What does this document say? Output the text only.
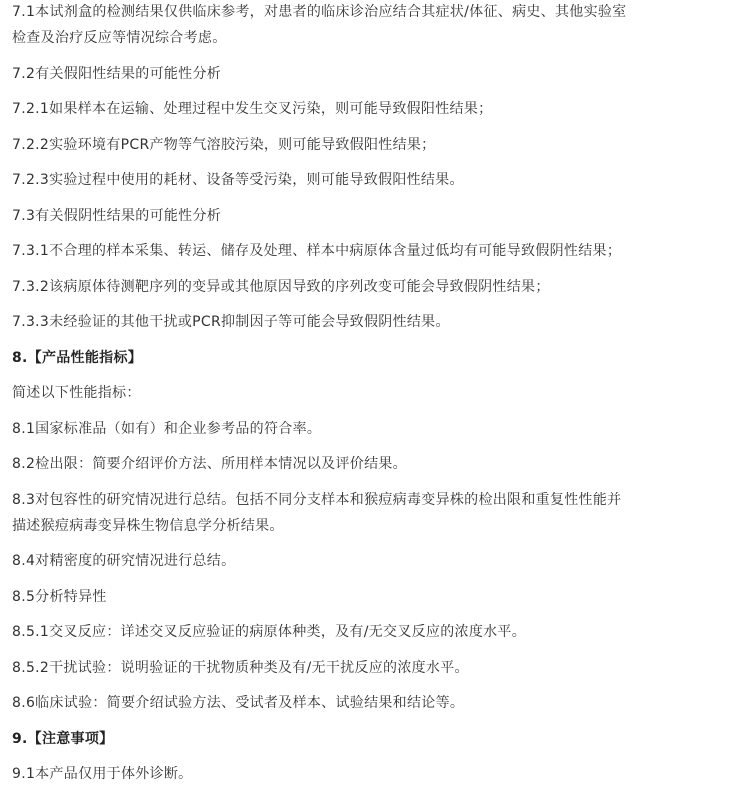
7.1本试剂盒的检测结果仅供临床参考，对患者的临床诊治应结合其症状/体征、病史、其他实验室
检查及治疗反应等情况综合考虑。
7.2有关假阳性结果的可能性分析
7.2.1如果样本在运输、处理过程中发生交叉污染，则可能导致假阳性结果；
7.2.2实验环境有PCR产物等气溶胶污染，则可能导致假阳性结果；
7.2.3实验过程中使用的耗材、设备等受污染，则可能导致假阳性结果。
7.3有关假阴性结果的可能性分析
7.3.1不合理的样本采集、转运、储存及处理、样本中病原体含量过低均有可能导致假阴性结果；
7.3.2该病原体待测靶序列的变异或其他原因导致的序列改变可能会导致假阴性结果；
7.3.3未经验证的其他干扰或PCR抑制因子等可能会导致假阴性结果。
8.【产品性能指标】
简述以下性能指标：
8.1国家标准品（如有）和企业参考品的符合率。
8.2检出限：简要介绍评价方法、所用样本情况以及评价结果。
8.3对包容性的研究情况进行总结。包括不同分支样本和猴痘病毒变异株的检出限和重复性性能并
描述猴痘病毒变异株生物信息学分析结果。
8.4对精密度的研究情况进行总结。
8.5分析特异性
8.5.1交叉反应：详述交叉反应验证的病原体种类，及有/无交叉反应的浓度水平。
8.5.2干扰试验：说明验证的干扰物质种类及有/无干扰反应的浓度水平。
8.6临床试验：简要介绍试验方法、受试者及样本、试验结果和结论等。
9.【注意事项】
9.1本产品仅用于体外诊断。
